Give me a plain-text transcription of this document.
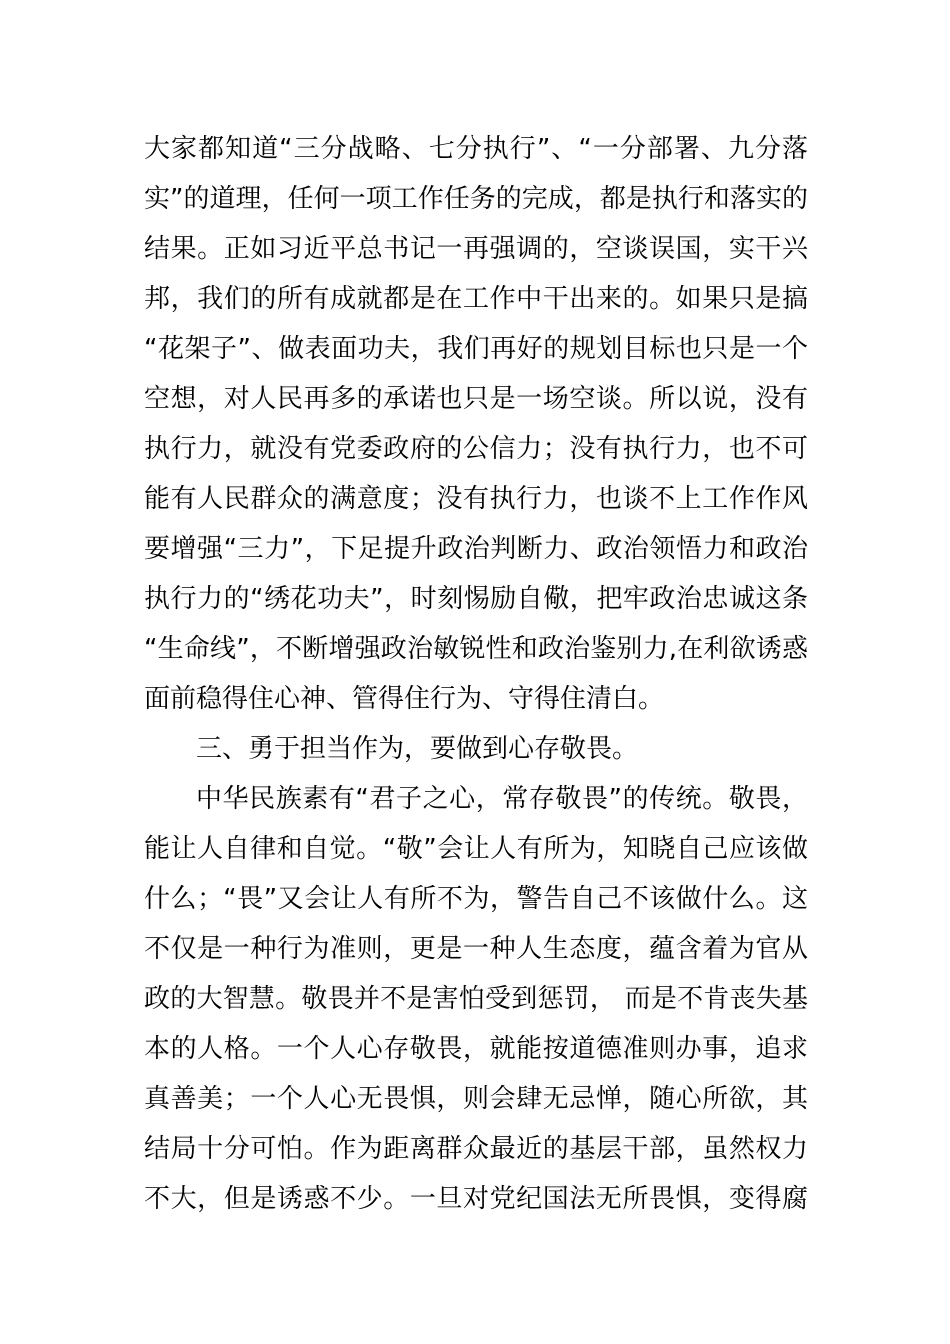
大家都知道“三分战略、七分执行”、“一分部署、九分落
实”的道理，任何一项工作任务的完成，都是执行和落实的
结果。正如习近平总书记一再强调的，空谈误国，实干兴
邦，我们的所有成就都是在工作中干出来的。如果只是搞
“花架子”、做表面功夫，我们再好的规划目标也只是一个
空想，对人民再多的承诺也只是一场空谈。所以说，没有
执行力，就没有党委政府的公信力；没有执行力，也不可
能有人民群众的满意度；没有执行力，也谈不上工作作风
要增强“三力”，下足提升政治判断力、政治领悟力和政治
执行力的“绣花功夫”，时刻惕励自儆，把牢政治忠诚这条
“生命线”，不断增强政治敏锐性和政治鉴别力,在利欲诱惑
面前稳得住心神、管得住行为、守得住清白。
三、勇于担当作为，要做到心存敬畏。
中华民族素有“君子之心，常存敬畏”的传统。敬畏，
能让人自律和自觉。“敬”会让人有所为，知晓自己应该做
什么；“畏”又会让人有所不为，警告自己不该做什么。这
不仅是一种行为准则，更是一种人生态度，蕴含着为官从
政的大智慧。敬畏并不是害怕受到惩罚， 而是不肯丧失基
本的人格。一个人心存敬畏，就能按道德准则办事，追求
真善美；一个人心无畏惧，则会肆无忌惮，随心所欲，其
结局十分可怕。作为距离群众最近的基层干部，虽然权力
不大，但是诱惑不少。一旦对党纪国法无所畏惧，变得腐
